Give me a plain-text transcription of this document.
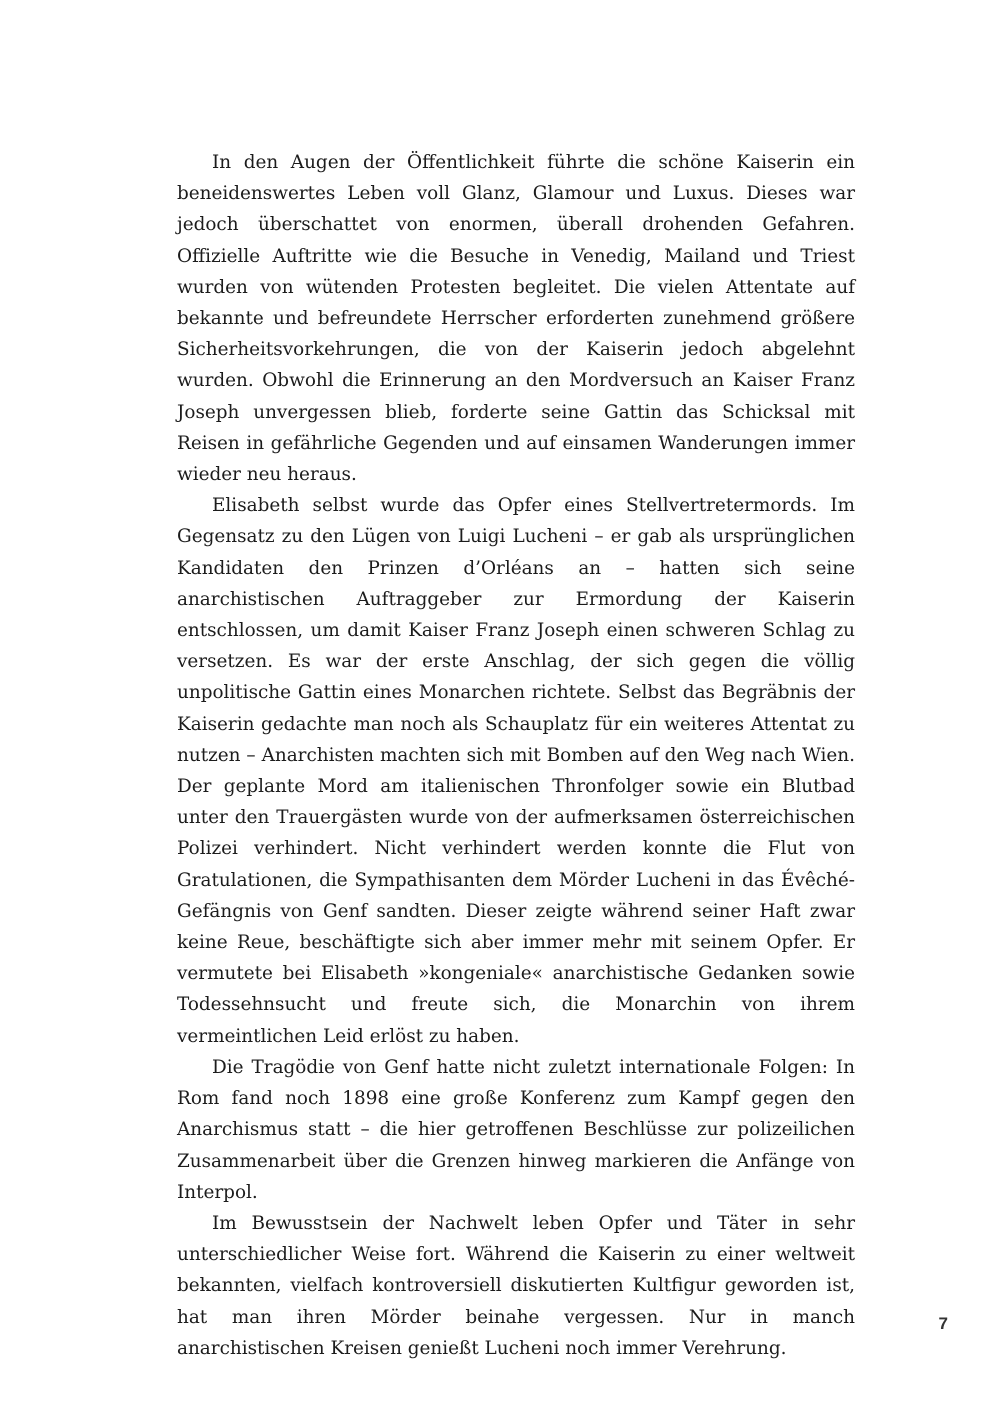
In den Augen der Öffentlichkeit führte die schöne Kaiserin ein beneidenswertes Leben voll Glanz, Glamour und Luxus. Dieses war jedoch überschattet von enormen, überall drohenden Gefahren. Offizielle Auftritte wie die Besuche in Venedig, Mailand und Triest wurden von wütenden Protesten begleitet. Die vielen Attentate auf bekannte und befreundete Herrscher erforderten zunehmend größere Sicherheitsvorkehrungen, die von der Kaiserin jedoch abgelehnt wurden. Obwohl die Erinnerung an den Mordversuch an Kaiser Franz Joseph unvergessen blieb, forderte seine Gattin das Schicksal mit Reisen in gefährliche Gegenden und auf einsamen Wanderungen immer wieder neu heraus.

Elisabeth selbst wurde das Opfer eines Stellvertretermords. Im Gegensatz zu den Lügen von Luigi Lucheni – er gab als ursprünglichen Kandidaten den Prinzen d’Orléans an – hatten sich seine anarchistischen Auftraggeber zur Ermordung der Kaiserin entschlossen, um damit Kaiser Franz Joseph einen schweren Schlag zu versetzen. Es war der erste Anschlag, der sich gegen die völlig unpolitische Gattin eines Monarchen richtete. Selbst das Begräbnis der Kaiserin gedachte man noch als Schauplatz für ein weiteres Attentat zu nutzen – Anarchisten machten sich mit Bomben auf den Weg nach Wien. Der geplante Mord am italienischen Thronfolger sowie ein Blutbad unter den Trauergästen wurde von der aufmerksamen österreichischen Polizei verhindert. Nicht verhindert werden konnte die Flut von Gratulationen, die Sympathisanten dem Mörder Lucheni in das Évêché-Gefängnis von Genf sandten. Dieser zeigte während seiner Haft zwar keine Reue, beschäftigte sich aber immer mehr mit seinem Opfer. Er vermutete bei Elisabeth »kongeniale« anarchistische Gedanken sowie Todessehnsucht und freute sich, die Monarchin von ihrem vermeintlichen Leid erlöst zu haben.

Die Tragödie von Genf hatte nicht zuletzt internationale Folgen: In Rom fand noch 1898 eine große Konferenz zum Kampf gegen den Anarchismus statt – die hier getroffenen Beschlüsse zur polizeilichen Zusammenarbeit über die Grenzen hinweg markieren die Anfänge von Interpol.

Im Bewusstsein der Nachwelt leben Opfer und Täter in sehr unterschiedlicher Weise fort. Während die Kaiserin zu einer weltweit bekannten, vielfach kontroversiell diskutierten Kultfigur geworden ist, hat man ihren Mörder beinahe vergessen. Nur in manch anarchistischen Kreisen genießt Lucheni noch immer Verehrung.

7
